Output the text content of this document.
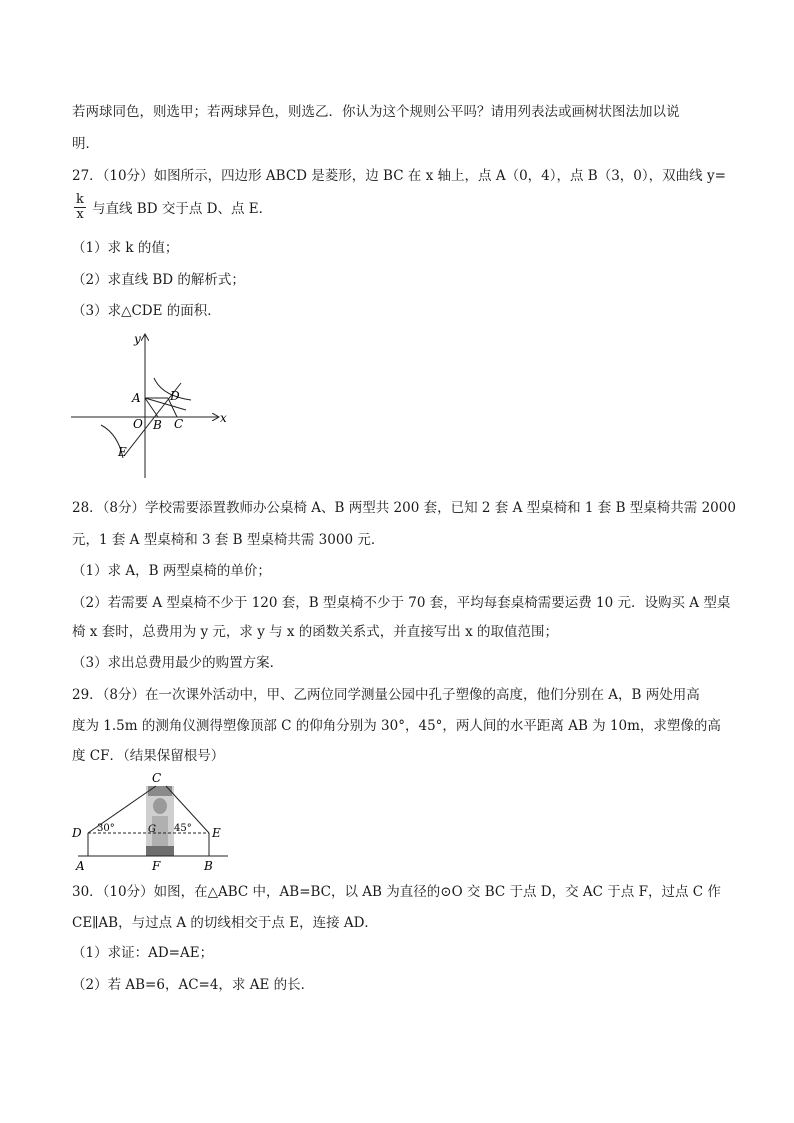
若两球同色，则选甲；若两球异色，则选乙．你认为这个规则公平吗？请用列表法或画树状图法加以说
明．
27．（10分）如图所示，四边形 ABCD 是菱形，边 BC 在 x 轴上，点 A（0，4），点 B（3，0），双曲线 y=
$\frac{k}{x}$ 与直线 BD 交于点 D、点 E．
（1）求 k 的值；
（2）求直线 BD 的解析式；
（3）求△CDE 的面积．
y
x
A D
O B C
E
28．（8分）学校需要添置教师办公桌椅 A、B 两型共 200 套，已知 2 套 A 型桌椅和 1 套 B 型桌椅共需 2000
元，1 套 A 型桌椅和 3 套 B 型桌椅共需 3000 元．
（1）求 A，B 两型桌椅的单价；
（2）若需要 A 型桌椅不少于 120 套，B 型桌椅不少于 70 套，平均每套桌椅需要运费 10 元．设购买 A 型桌
椅 x 套时，总费用为 y 元，求 y 与 x 的函数关系式，并直接写出 x 的取值范围；
（3）求出总费用最少的购置方案．
29．（8分）在一次课外活动中，甲、乙两位同学测量公园中孔子塑像的高度，他们分别在 A，B 两处用高
度为 1.5m 的测角仪测得塑像顶部 C 的仰角分别为 30°，45°，两人间的水平距离 AB 为 10m，求塑像的高
度 CF．（结果保留根号）
C
D	E
A	F	B
G
30°	45°
30．（10分）如图，在△ABC 中，AB=BC，以 AB 为直径的⊙O 交 BC 于点 D，交 AC 于点 F，过点 C 作
CE∥AB，与过点 A 的切线相交于点 E，连接 AD．
（1）求证：AD=AE；
（2）若 AB=6，AC=4，求 AE 的长．
